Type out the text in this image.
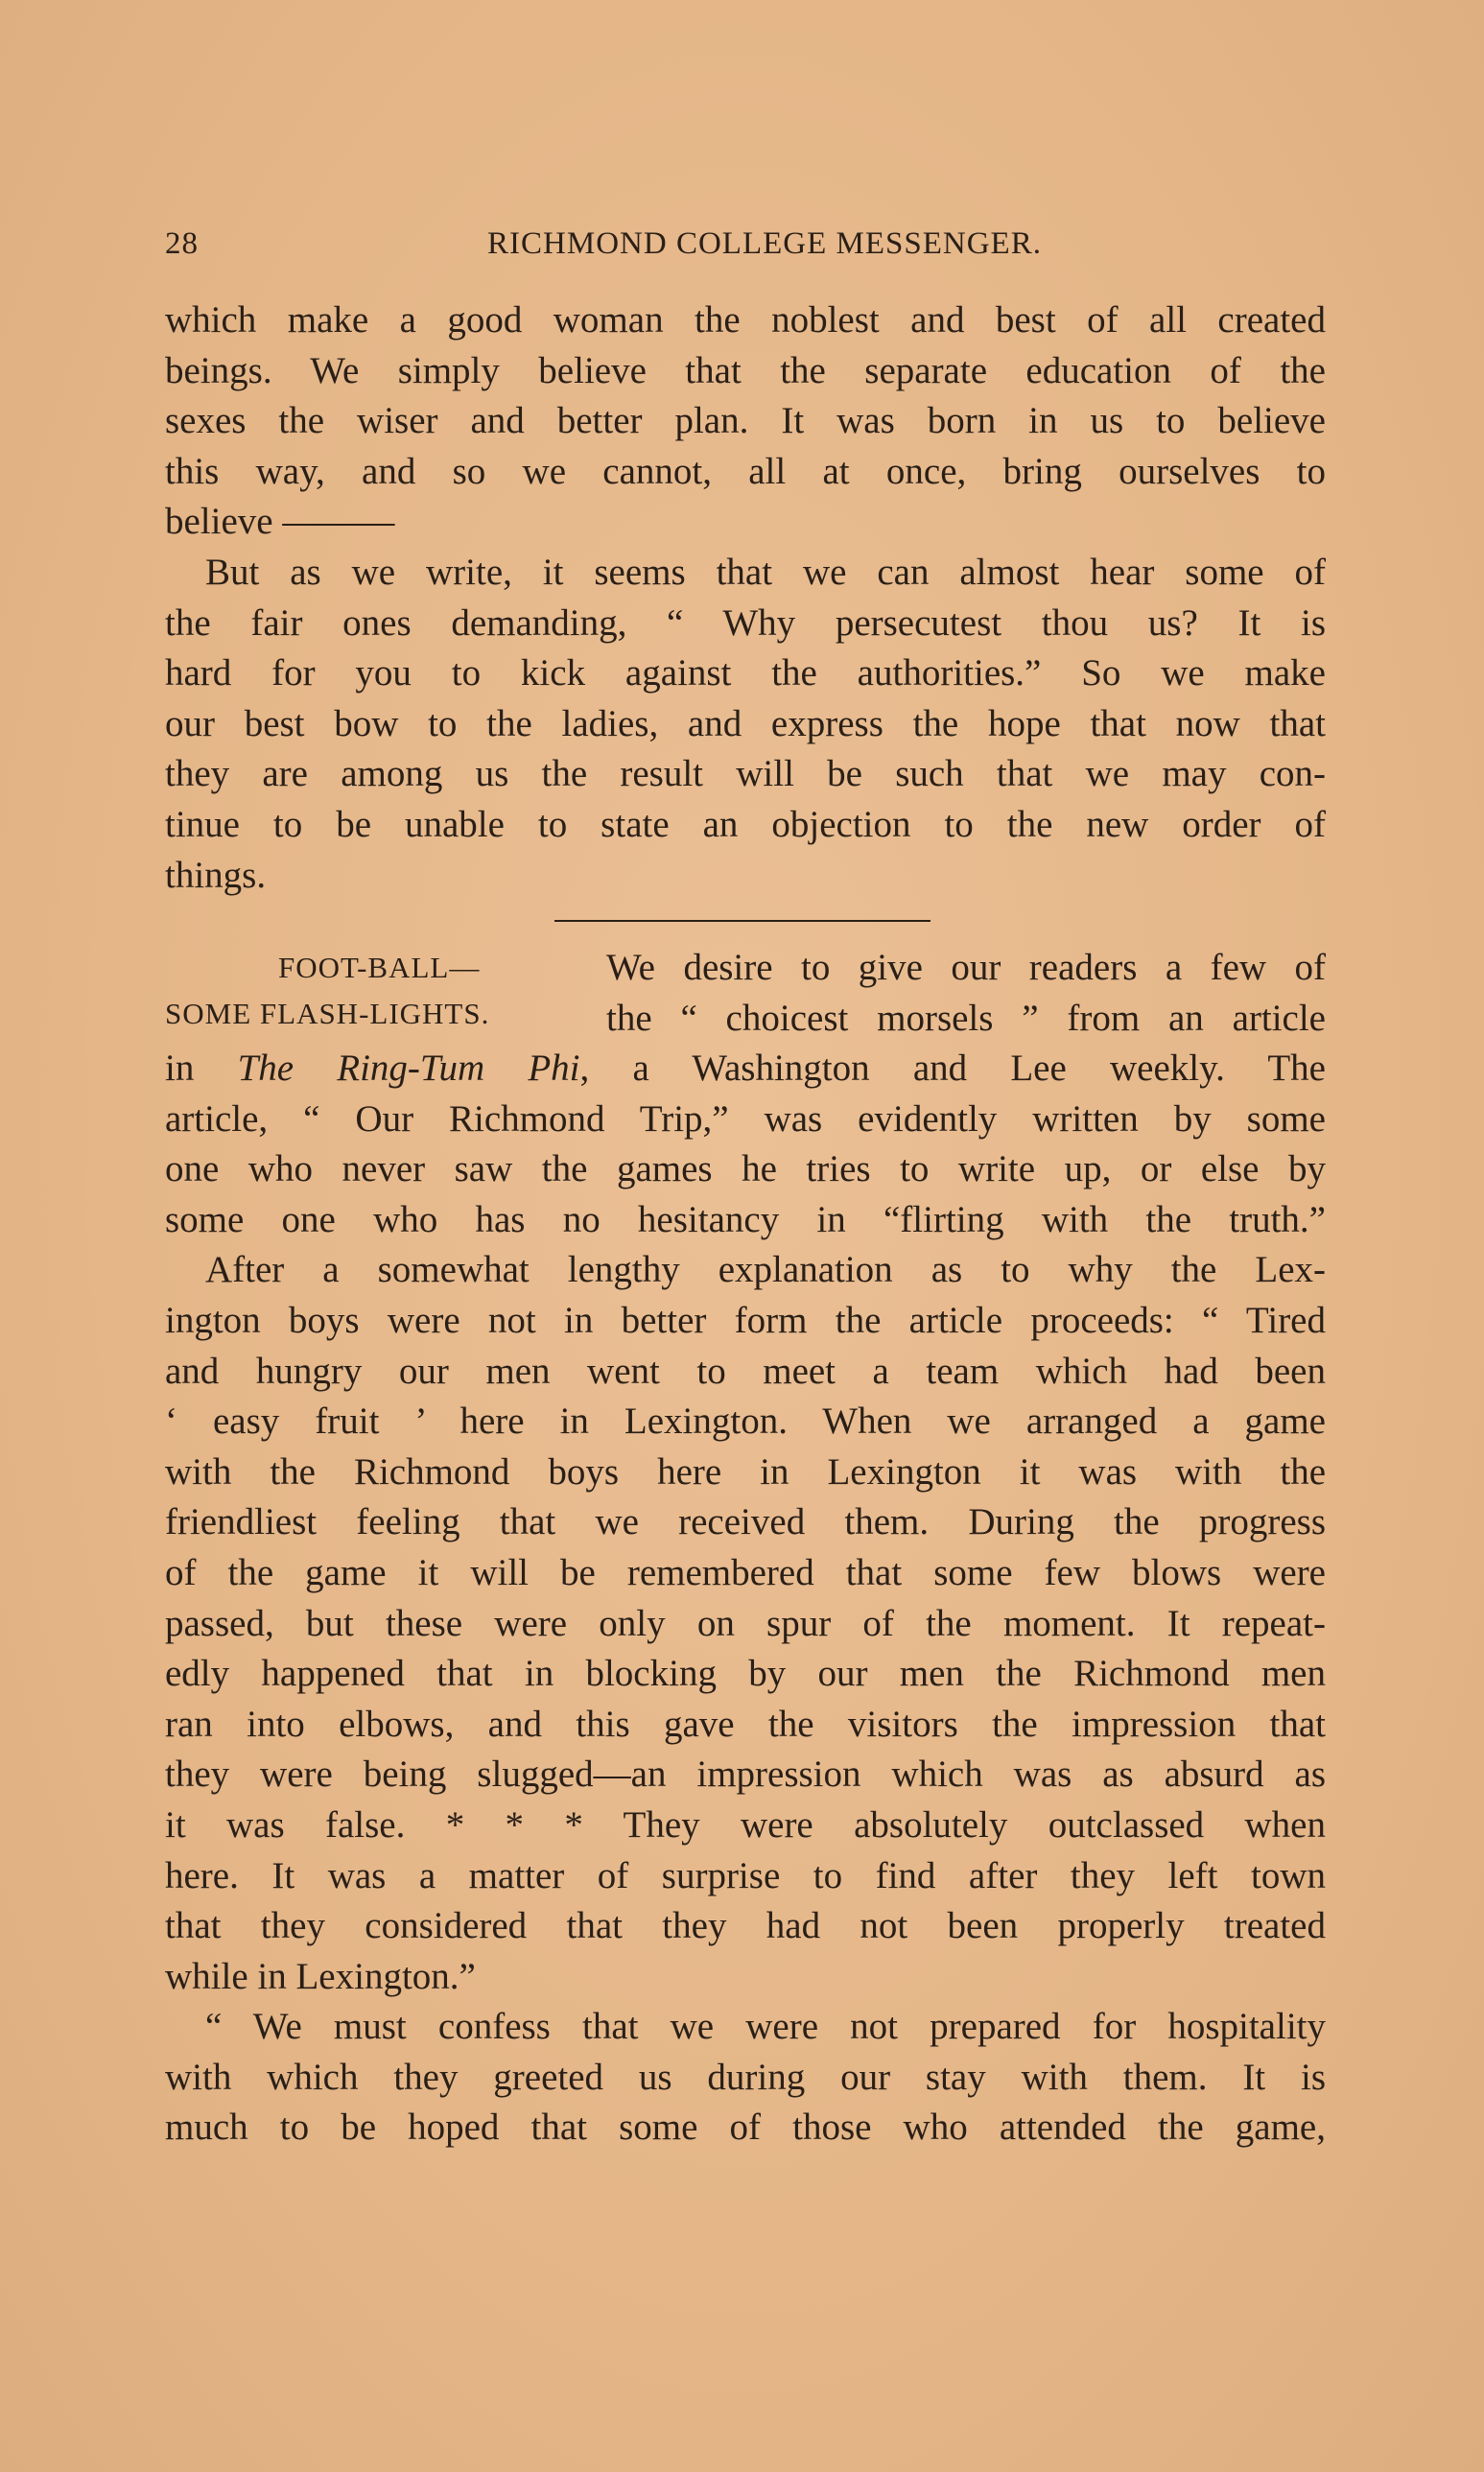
28	RICHMOND COLLEGE MESSENGER.
which make a good woman the noblest and best of all created
beings. We simply believe that the separate education of the
sexes the wiser and better plan. It was born in us to believe
this way, and so we cannot, all at once, bring ourselves to
believe ———
But as we write, it seems that we can almost hear some of
the fair ones demanding, “ Why persecutest thou us? It is
hard for you to kick against the authorities.” So we make
our best bow to the ladies, and express the hope that now that
they are among us the result will be such that we may con-
tinue to be unable to state an objection to the new order of
things.
FOOT-BALL—
SOME FLASH-LIGHTS.
We desire to give our readers a few of
the “ choicest morsels ” from an article
in The Ring-Tum Phi, a Washington and Lee weekly. The
article, “ Our Richmond Trip,” was evidently written by some
one who never saw the games he tries to write up, or else by
some one who has no hesitancy in “flirting with the truth.”
After a somewhat lengthy explanation as to why the Lex-
ington boys were not in better form the article proceeds: “ Tired
and hungry our men went to meet a team which had been
‘ easy fruit ’ here in Lexington. When we arranged a game
with the Richmond boys here in Lexington it was with the
friendliest feeling that we received them. During the progress
of the game it will be remembered that some few blows were
passed, but these were only on spur of the moment. It repeat-
edly happened that in blocking by our men the Richmond men
ran into elbows, and this gave the visitors the impression that
they were being slugged—an impression which was as absurd as
it was false. * * * They were absolutely outclassed when
here. It was a matter of surprise to find after they left town
that they considered that they had not been properly treated
while in Lexington.”
“ We must confess that we were not prepared for hospitality
with which they greeted us during our stay with them. It is
much to be hoped that some of those who attended the game,
